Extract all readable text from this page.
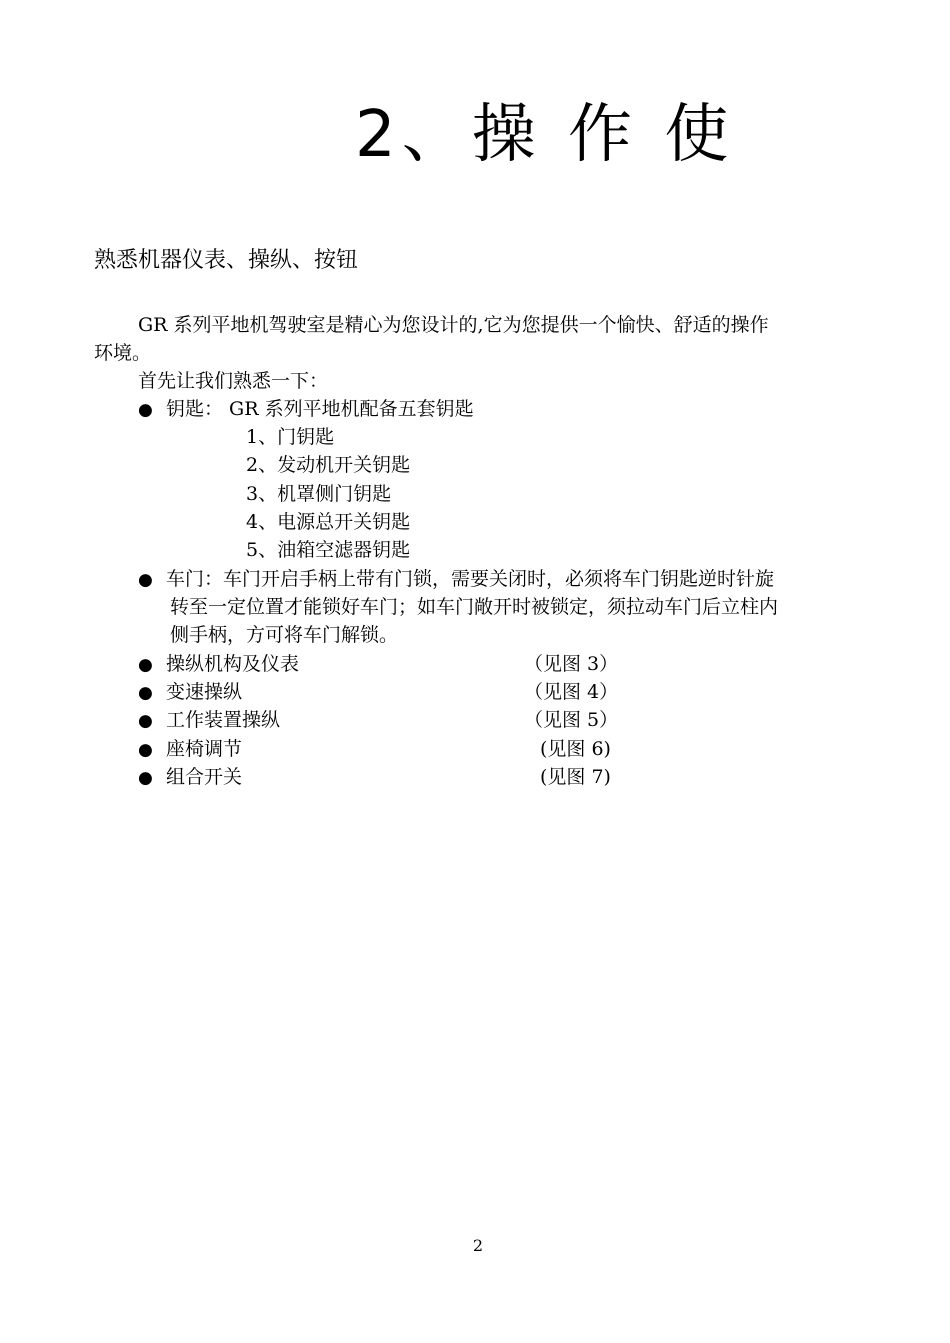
2、操 作 使
熟悉机器仪表、操纵、按钮
GR 系列平地机驾驶室是精心为您设计的,它为您提供一个愉快、舒适的操作
环境。
首先让我们熟悉一下：
● 钥匙： GR 系列平地机配备五套钥匙
1、门钥匙
2、发动机开关钥匙
3、机罩侧门钥匙
4、电源总开关钥匙
5、油箱空滤器钥匙
● 车门：车门开启手柄上带有门锁，需要关闭时，必须将车门钥匙逆时针旋
转至一定位置才能锁好车门；如车门敞开时被锁定，须拉动车门后立柱内
侧手柄，方可将车门解锁。
● 操纵机构及仪表	（见图 3）
● 变速操纵	（见图 4）
● 工作装置操纵	（见图 5）
● 座椅调节	(见图 6)
● 组合开关	(见图 7)
2
